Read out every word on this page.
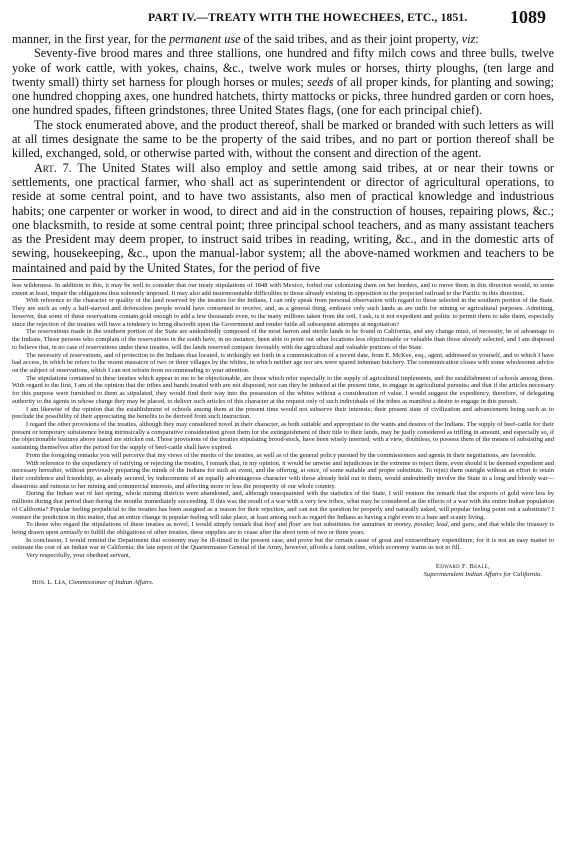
PART IV.—TREATY WITH THE HOWECHEES, ETC., 1851. 1089

manner, in the first year, for the permanent use of the said tribes, and as their joint property, viz:

Seventy-five brood mares and three stallions, one hundred and fifty milch cows and three bulls, twelve yoke of work cattle, with yokes, chains, &c., twelve work mules or horses, thirty ploughs, (ten large and twenty small) thirty set harness for plough horses or mules; seeds of all proper kinds, for planting and sowing; one hundred chopping axes, one hundred hatchets, thirty mattocks or picks, three hundred garden or corn hoes, one hundred spades, fifteen grindstones, three United States flags, (one for each principal chief).

The stock enumerated above, and the product thereof, shall be marked or branded with such letters as will at all times designate the same to be the property of the said tribes, and no part or portion thereof shall be killed, exchanged, sold, or otherwise parted with, without the consent and direction of the agent.

Art. 7. The United States will also employ and settle among said tribes, at or near their towns or settlements, one practical farmer, who shall act as superintendent or director of agricultural operations, to reside at some central point, and to have two assistants, also men of practical knowledge and industrious habits; one carpenter or worker in wood, to direct and aid in the construction of houses, repairing plows, &c.; one blacksmith, to reside at some central point; three principal school teachers, and as many assistant teachers as the President may deem proper, to instruct said tribes in reading, writing, &c., and in the domestic arts of sewing, housekeeping, &c., upon the manual-labor system; all the above-named workmen and teachers to be maintained and paid by the United States, for the period of five

less wilderness. In addition to this, it may be well to consider that our treaty stipulations of 1848 with Mexico, forbid our colonizing them on her borders, and to move them in this direction would, to some extent at least, impair the obligations thus solemnly imposed. It may also add insurmountable difficulties to those already existing in opposition to the projected railroad to the Pacific in this direction.

With reference to the character or quality of the land reserved by the treaties for the Indians, I can only speak from personal observation with regard to those selected in the southern portion of the State. They are such as only a half-starved and defenceless people would have consented to receive, and, as a general thing, embrace only such lands as are unfit for mining or agricultural purposes. Admitting, however, that some of these reservations contain gold enough to add a few thousands even, to the many millions taken from the soil, I ask, is it not expedient and politic to permit them to take them, especially since the rejection of the treaties will have a tendency to bring discredit upon the Government and render futile all subsequent attempts at negotiation?

The reservations made in the southern portion of the State are undoubtedly composed of the most barren and sterile lands to be found in California, and any change must, of necessity, be of advantage to the Indians. Those persons who complain of the reservations in the south have, in no instance, been able to point out other locations less objectionable or valuable than those already selected, and I am disposed to believe that, in no case of reservations under these treaties, will the lands reserved compare favorably with the agricultural and valuable portions of the State.

The necessity of reservations, and of protection to the Indians thus located, is strikingly set forth in a communication of a recent date, from E. McKee, esq., agent, addressed to yourself, and to which I have had access, in which he refers to the recent massacre of two or three villages by the whites, in which neither age nor sex were spared inhuman butchery. The communication closes with some wholesome advice on the subject of reservations, which I can not refrain from recommending to your attention.

The stipulations contained in these treaties which appear to me to be objectionable, are those which refer especially to the supply of agricultural implements, and the establishment of schools among them. With regard to the first, I am of the opinion that the tribes and bands treated with are not disposed, nor can they be induced at the present time, to engage in agricultural pursuits; and that if the articles necessary for this purpose were furnished to them as stipulated, they would find their way into the possession of the whites without a consideration of value. I would suggest the expediency, therefore, of delegating authority to the agents in whose charge they may be placed, to deliver such articles of this character at the request only of such individuals of the tribes as manifest a desire to engage in this pursuit.

I am likewise of the opinion that the establishment of schools among them at the present time would not subserve their interests; their present state of civilization and advancement being such as to preclude the possibility of their appreciating the benefits to be derived from such instruction.

I regard the other provisions of the treaties, although they may considered novel in their character, as both suitable and appropriate to the wants and desires of the Indians. The supply of beef-cattle for their present or temporary subsistence being intrinsically a comparative consideration given them for the extinguishment of their title to their lands, may be justly considered as trifling in amount, and especially so, if the objectionable features above stated are stricken out. Those provisions of the treaties stipulating brood-stock, have been wisely inserted, with a view, doubtless, to possess them of the means of subsisting and sustaining themselves after the period for the supply of beef-cattle shall have expired.

From the foregoing remarks you will perceive that my views of the merits of the treaties, as well as of the general policy pursued by the commissioners and agents in their negotiations, are favorable.

With reference to the expediency of ratifying or rejecting the treaties, I remark that, in my opinion, it would be unwise and injudicious in the extreme to reject them, even should it be deemed expedient and necessary hereafter, without previously preparing the minds of the Indians for such an event, and the offering, at once, of some suitable and proper substitute. To reject them outright without an effort to retain their confidence and friendship, as already secured, by inducements of an equally advantageous character with those already held out to them, would undoubtedly involve the State in a long and bloody war—disastrous and ruinous to her mining and commercial interests, and affecting more or less the prosperity of our whole country.

During the Indian war of last spring, whole mining districts were abandoned, and, although unacquainted with the statistics of the State, I will venture the remark that the exports of gold were less by millions during that period than during the months immediately succeeding. If this was the result of a war with a very few tribes, what may be considered as the effects of a war with the entire Indian population of California? Popular feeling prejudicial to the treaties has been assigned as a reason for their rejection, and can not the question be properly and naturally asked, will popular feeling point out a substitute? I venture the prediction in this matter, that an entire change in popular feeling will take place, at least among such as regard the Indians as having a right even to a bare and scanty living.

To those who regard the stipulations of these treaties as novel, I would simply remark that beef and flour are but substitutes for annuities in money, powder, lead, and guns, and that while the treasury is being drawn upon annually to fulfill the obligations of other treaties, these supplies are to cease after the short term of two or three years.

In conclusion, I would remind the Department that economy may be ill-timed in the present case, and prove but the certain cause of great and extraordinary expenditure; for it is not an easy matter to estimate the cost of an Indian war in California; the late report of the Quartermaster General of the Army, however, affords a faint outline, which economy warns us not to fill.

Very respectfully, your obedient servant,

Edward F. Beale,
Superintendent Indian Affairs for California.
Hon. L. Lea, Commissioner of Indian Affairs.
